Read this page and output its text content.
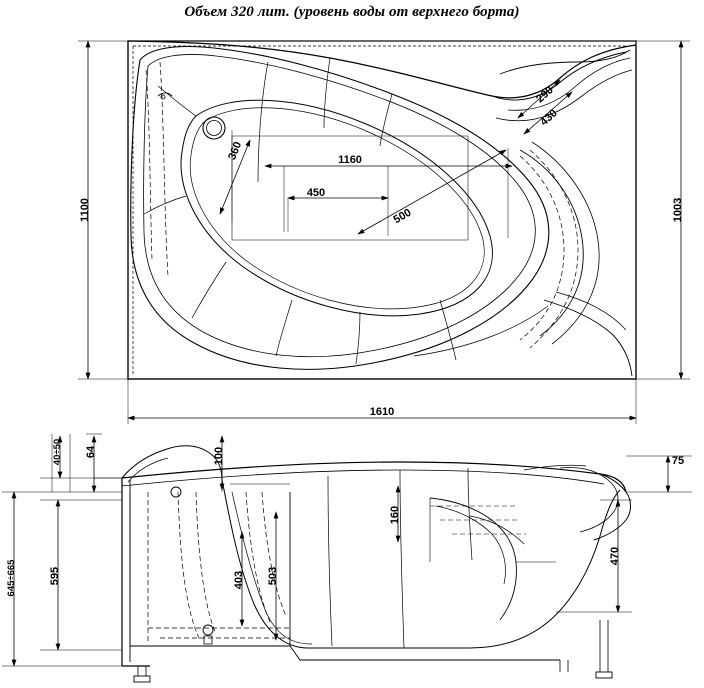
Объем 320 лит. (уровень воды от верхнего борта)
1100	1003
1610
1160
360
450
500
290
430
40÷50 64	100	75
160
470
403 503
595
645÷665
